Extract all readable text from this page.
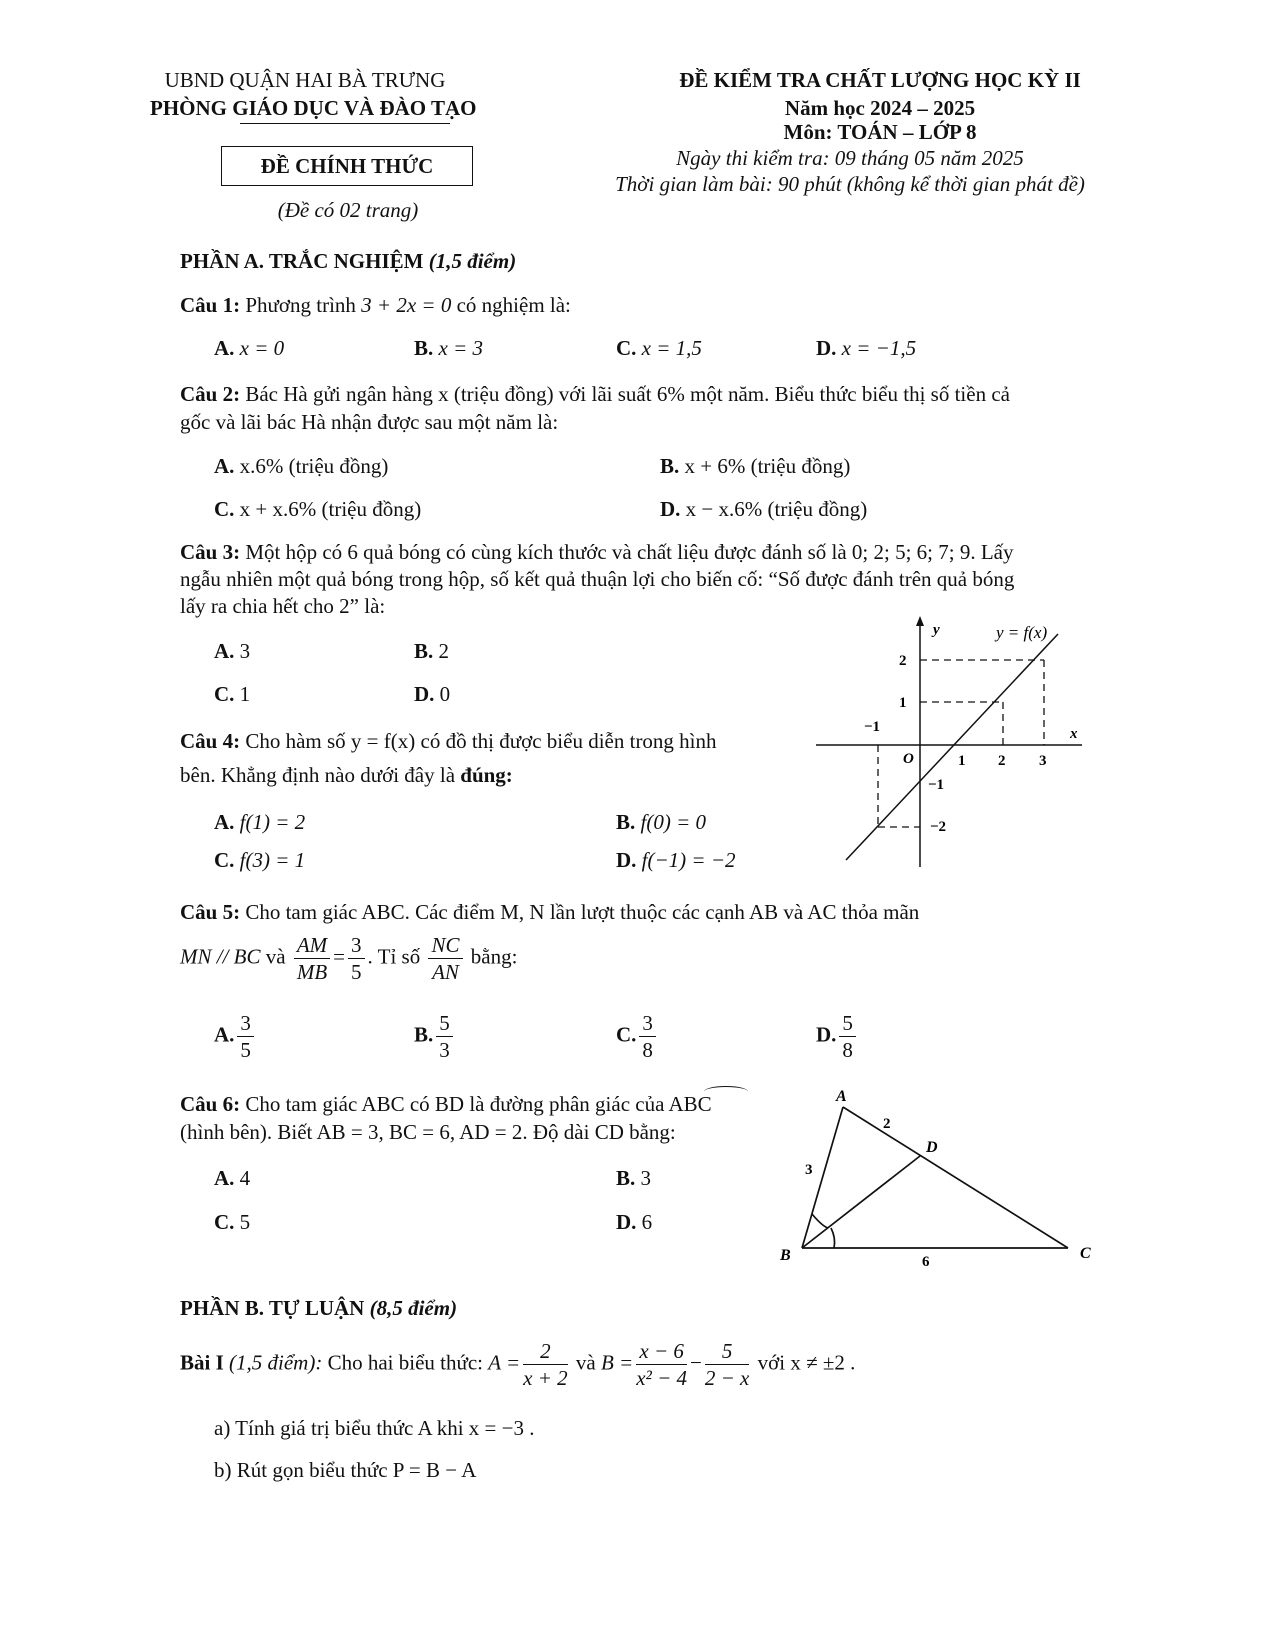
UBND QUẬN HAI BÀ TRƯNG
PHÒNG GIÁO DỤC VÀ ĐÀO TẠO
ĐỀ CHÍNH THỨC
(Đề có 02 trang)
ĐỀ KIỂM TRA CHẤT LƯỢNG HỌC KỲ II
Năm học 2024 – 2025
Môn: TOÁN – LỚP 8
Ngày thi kiểm tra: 09 tháng 05 năm 2025
Thời gian làm bài: 90 phút (không kể thời gian phát đề)
PHẦN A. TRẮC NGHIỆM (1,5 điểm)
Câu 1: Phương trình 3 + 2x = 0 có nghiệm là:
A. x = 0	B. x = 3	C. x = 1,5	D. x = −1,5
Câu 2: Bác Hà gửi ngân hàng x (triệu đồng) với lãi suất 6% một năm. Biểu thức biểu thị số tiền cả
gốc và lãi bác Hà nhận được sau một năm là:
A. x.6% (triệu đồng)	B. x + 6% (triệu đồng)
C. x + x.6% (triệu đồng)	D. x − x.6% (triệu đồng)
Câu 3: Một hộp có 6 quả bóng có cùng kích thước và chất liệu được đánh số là 0; 2; 5; 6; 7; 9. Lấy
ngẫu nhiên một quả bóng trong hộp, số kết quả thuận lợi cho biến cố: “Số được đánh trên quả bóng
lấy ra chia hết cho 2” là:
A. 3	B. 2
C. 1	D. 0
Câu 4: Cho hàm số y = f(x) có đồ thị được biểu diễn trong hình
bên. Khẳng định nào dưới đây là đúng:
A. f(1) = 2	B. f(0) = 0
C. f(3) = 1	D. f(−1) = −2
y	y = f(x)
x
O
−1
1 2 3
2
1
−1
−2
Câu 5: Cho tam giác ABC. Các điểm M, N lần lượt thuộc các cạnh AB và AC thỏa mãn
MN // BC và $\frac{AM}{MB} = \frac{3}{5}$ . Tỉ số $\frac{NC}{AN}$ bằng:
A. $\frac{3}{5}$	B. $\frac{5}{3}$	C. $\frac{3}{8}$	D. $\frac{5}{8}$
Câu 6: Cho tam giác ABC có BD là đường phân giác của ABC
(hình bên). Biết AB = 3, BC = 6, AD = 2. Độ dài CD bằng:
A. 4	B. 3
C. 5	D. 6
A
B	C
D
3
2
6
PHẦN B. TỰ LUẬN (8,5 điểm)
Bài I (1,5 điểm): Cho hai biểu thức: $A = \frac{2}{x + 2}$ và $B = \frac{x - 6}{\text{x² − 4}} - \frac{5}{2 - x}$ với x ≠ ±2 .
a) Tính giá trị biểu thức A khi x = −3 .
b) Rút gọn biểu thức P = B − A
